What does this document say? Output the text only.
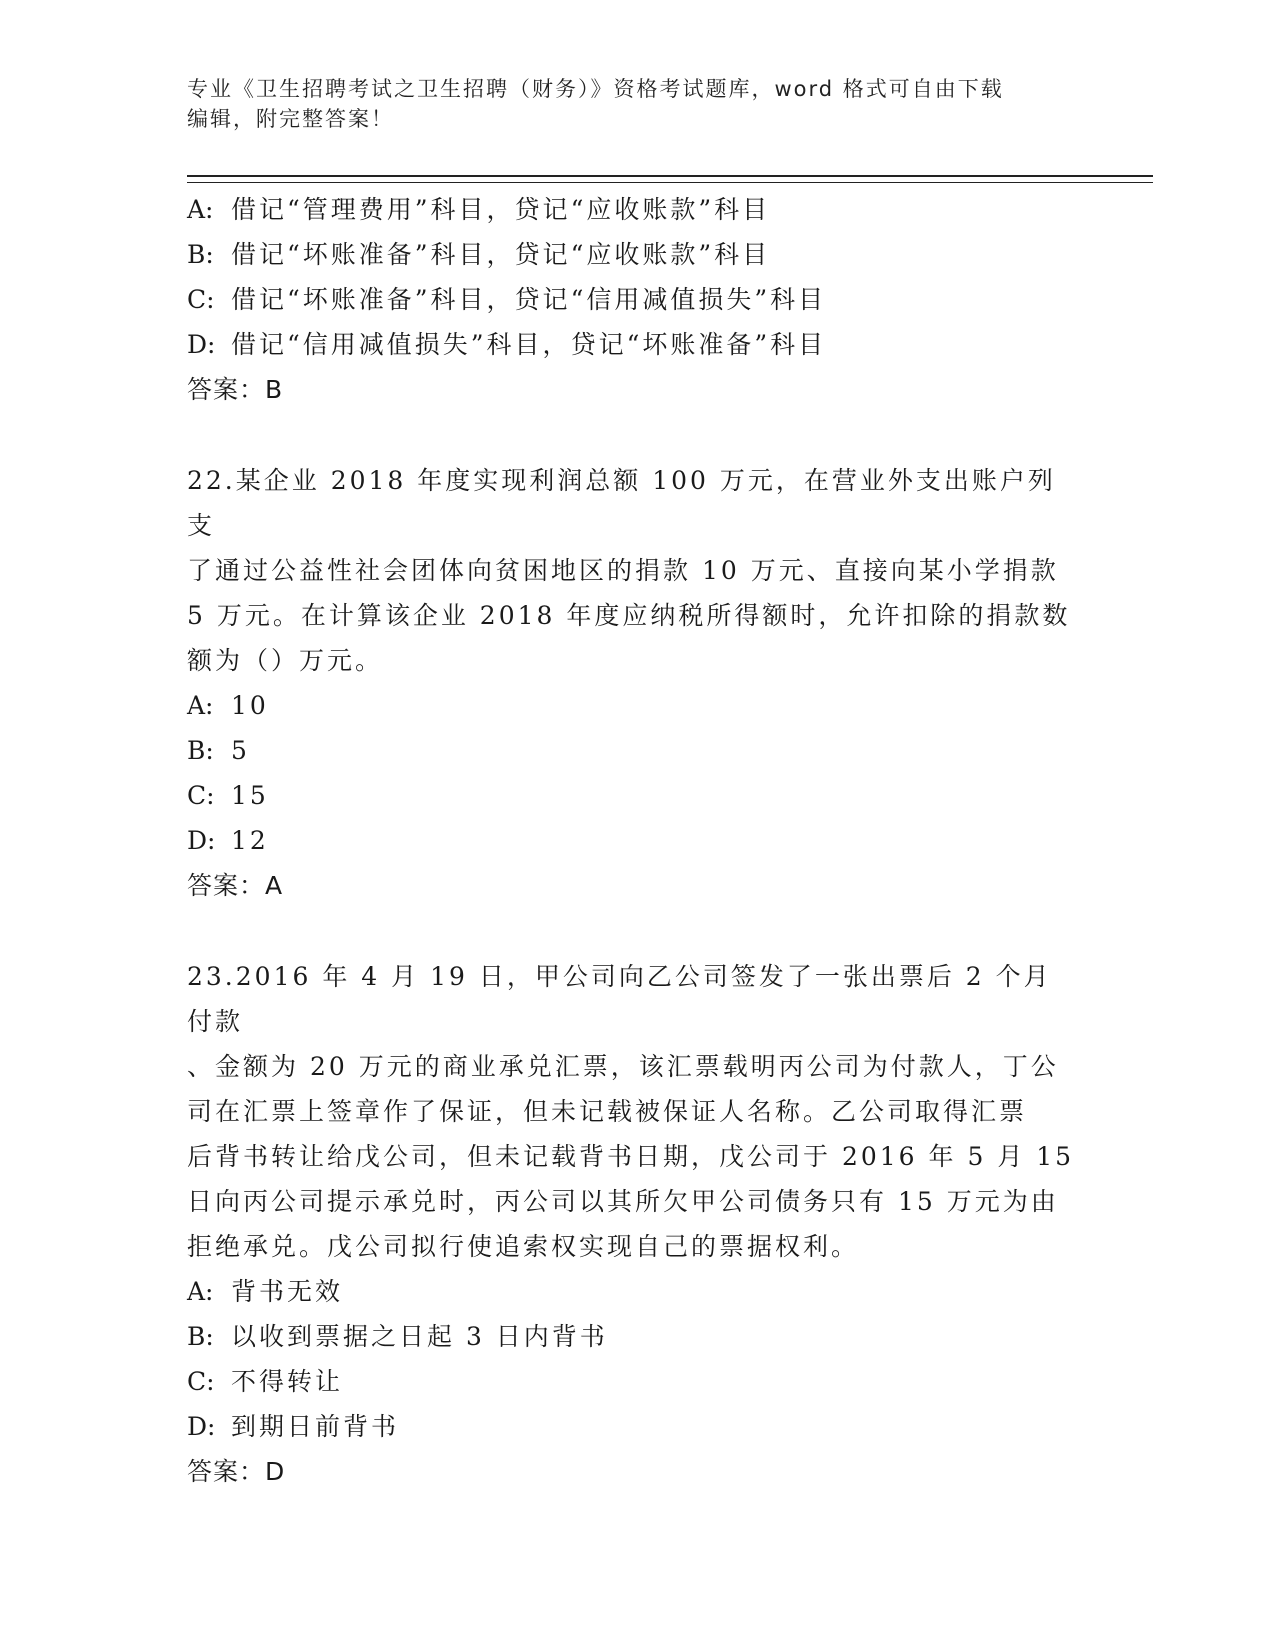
专业《卫生招聘考试之卫生招聘（财务）》资格考试题库，word 格式可自由下载
编辑，附完整答案！
A: 借记“管理费用”科目，贷记“应收账款”科目
B: 借记“坏账准备”科目，贷记“应收账款”科目
C: 借记“坏账准备”科目，贷记“信用减值损失”科目
D: 借记“信用减值损失”科目，贷记“坏账准备”科目
答案：B
22.某企业 2018 年度实现利润总额 100 万元，在营业外支出账户列支
了通过公益性社会团体向贫困地区的捐款 10 万元、直接向某小学捐款
5 万元。在计算该企业 2018 年度应纳税所得额时，允许扣除的捐款数
额为（）万元。
A: 10
B: 5
C: 15
D: 12
答案：A
23.2016 年 4 月 19 日，甲公司向乙公司签发了一张出票后 2 个月付款
、金额为 20 万元的商业承兑汇票，该汇票载明丙公司为付款人，丁公
司在汇票上签章作了保证，但未记载被保证人名称。乙公司取得汇票
后背书转让给戊公司，但未记载背书日期，戊公司于 2016 年 5 月 15
日向丙公司提示承兑时，丙公司以其所欠甲公司债务只有 15 万元为由
拒绝承兑。戊公司拟行使追索权实现自己的票据权利。
A: 背书无效
B: 以收到票据之日起 3 日内背书
C: 不得转让
D: 到期日前背书
答案：D
